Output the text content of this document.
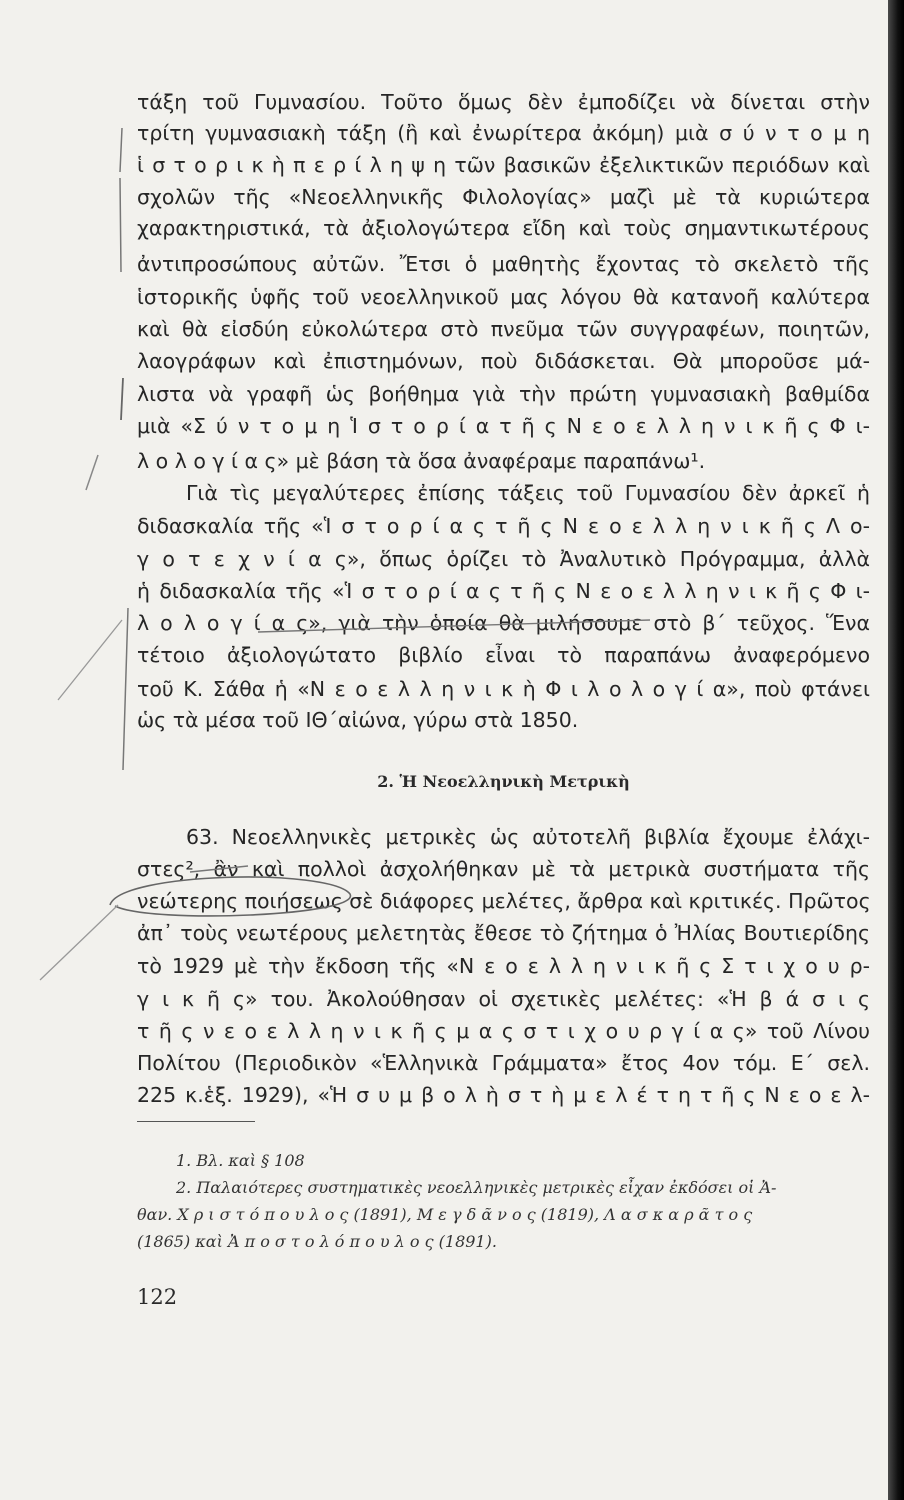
τάξη τοῦ Γυμνασίου. Τοῦτο ὅμως δὲν ἐμποδίζει νὰ δίνεται στὴν
τρίτη γυμνασιακὴ τάξη (ἢ καὶ ἐνωρίτερα ἀκόμη) μιὰ σ ύ ν τ ο μ η
ἱ σ τ ο ρ ι κ ὴ π ε ρ ί λ η ψ η τῶν βασικῶν ἐξελικτικῶν περιόδων καὶ
σχολῶν τῆς «Νεοελληνικῆς Φιλολογίας» μαζὶ μὲ τὰ κυριώτερα
χαρακτηριστικά, τὰ ἀξιολογώτερα εἴδη καὶ τοὺς σημαντικωτέρους
ἀντιπροσώπους αὐτῶν. Ἔτσι ὁ μαθητὴς ἔχοντας τὸ σκελετὸ τῆς
ἱστορικῆς ὑφῆς τοῦ νεοελληνικοῦ μας λόγου θὰ κατανοῆ καλύτερα
καὶ θὰ εἰσδύη εὐκολώτερα στὸ πνεῦμα τῶν συγγραφέων, ποιητῶν,
λαογράφων καὶ ἐπιστημόνων, ποὺ διδάσκεται. Θὰ μποροῦσε μά-
λιστα νὰ γραφῆ ὡς βοήθημα γιὰ τὴν πρώτη γυμνασιακὴ βαθμίδα
μιὰ «Σ ύ ν τ ο μ η Ἱ σ τ ο ρ ί α τ ῆ ς Ν ε ο ε λ λ η ν ι κ ῆ ς Φ ι-
λ ο λ ο γ ί α ς» μὲ βάση τὰ ὅσα ἀναφέραμε παραπάνω¹.
Γιὰ τὶς μεγαλύτερες ἐπίσης τάξεις τοῦ Γυμνασίου δὲν ἀρκεῖ ἡ
διδασκαλία τῆς «Ἱ σ τ ο ρ ί α ς τ ῆ ς Ν ε ο ε λ λ η ν ι κ ῆ ς Λ ο-
γ ο τ ε χ ν ί α ς», ὅπως ὁρίζει τὸ Ἀναλυτικὸ Πρόγραμμα, ἀλλὰ
ἡ διδασκαλία τῆς «Ἱ σ τ ο ρ ί α ς τ ῆ ς Ν ε ο ε λ λ η ν ι κ ῆ ς Φ ι-
λ ο λ ο γ ί α ς», γιὰ τὴν ὁποία θὰ μιλήσουμε στὸ β΄ τεῦχος. Ἕνα
τέτοιο ἀξιολογώτατο βιβλίο εἶναι τὸ παραπάνω ἀναφερόμενο
τοῦ Κ. Σάθα ἡ «Ν ε ο ε λ λ η ν ι κ ὴ Φ ι λ ο λ ο γ ί α», ποὺ φτάνει
ὡς τὰ μέσα τοῦ ΙΘ΄αἰώνα, γύρω στὰ 1850.
2. Ἡ Νεοελληνικὴ Μετρικὴ
63. Νεοελληνικὲς μετρικὲς ὡς αὐτοτελῆ βιβλία ἔχουμε ἐλάχι-
στες², ἂν καὶ πολλοὶ ἀσχολήθηκαν μὲ τὰ μετρικὰ συστήματα τῆς
νεώτερης ποιήσεως σὲ διάφορες μελέτες, ἄρθρα καὶ κριτικές. Πρῶτος
ἀπ᾽ τοὺς νεωτέρους μελετητὰς ἔθεσε τὸ ζήτημα ὁ Ἠλίας Βουτιερίδης
τὸ 1929 μὲ τὴν ἔκδοση τῆς «Ν ε ο ε λ λ η ν ι κ ῆ ς Σ τ ι χ ο υ ρ-
γ ι κ ῆ ς» του. Ἀκολούθησαν οἱ σχετικὲς μελέτες: «Ἡ β ά σ ι ς
τ ῆ ς ν ε ο ε λ λ η ν ι κ ῆ ς μ α ς σ τ ι χ ο υ ρ γ ί α ς» τοῦ Λίνου
Πολίτου (Περιοδικὸν «Ἑλληνικὰ Γράμματα» ἔτος 4ον τόμ. Ε΄ σελ.
225 κ.ἑξ. 1929), «Ἡ σ υ μ β ο λ ὴ σ τ ὴ μ ε λ έ τ η τ ῆ ς Ν ε ο ε λ-
1. Βλ. καὶ § 108
2. Παλαιότερες συστηματικὲς νεοελληνικὲς μετρικὲς εἶχαν ἐκδόσει οἱ Ἀ-
θαν. Χ ρ ι σ τ ό π ο υ λ ο ς (1891), Μ ε γ δ ᾶ ν ο ς (1819), Λ α σ κ α ρ ᾶ τ ο ς
(1865) καὶ Ἀ π ο σ τ ο λ ό π ο υ λ ο ς (1891).
122
